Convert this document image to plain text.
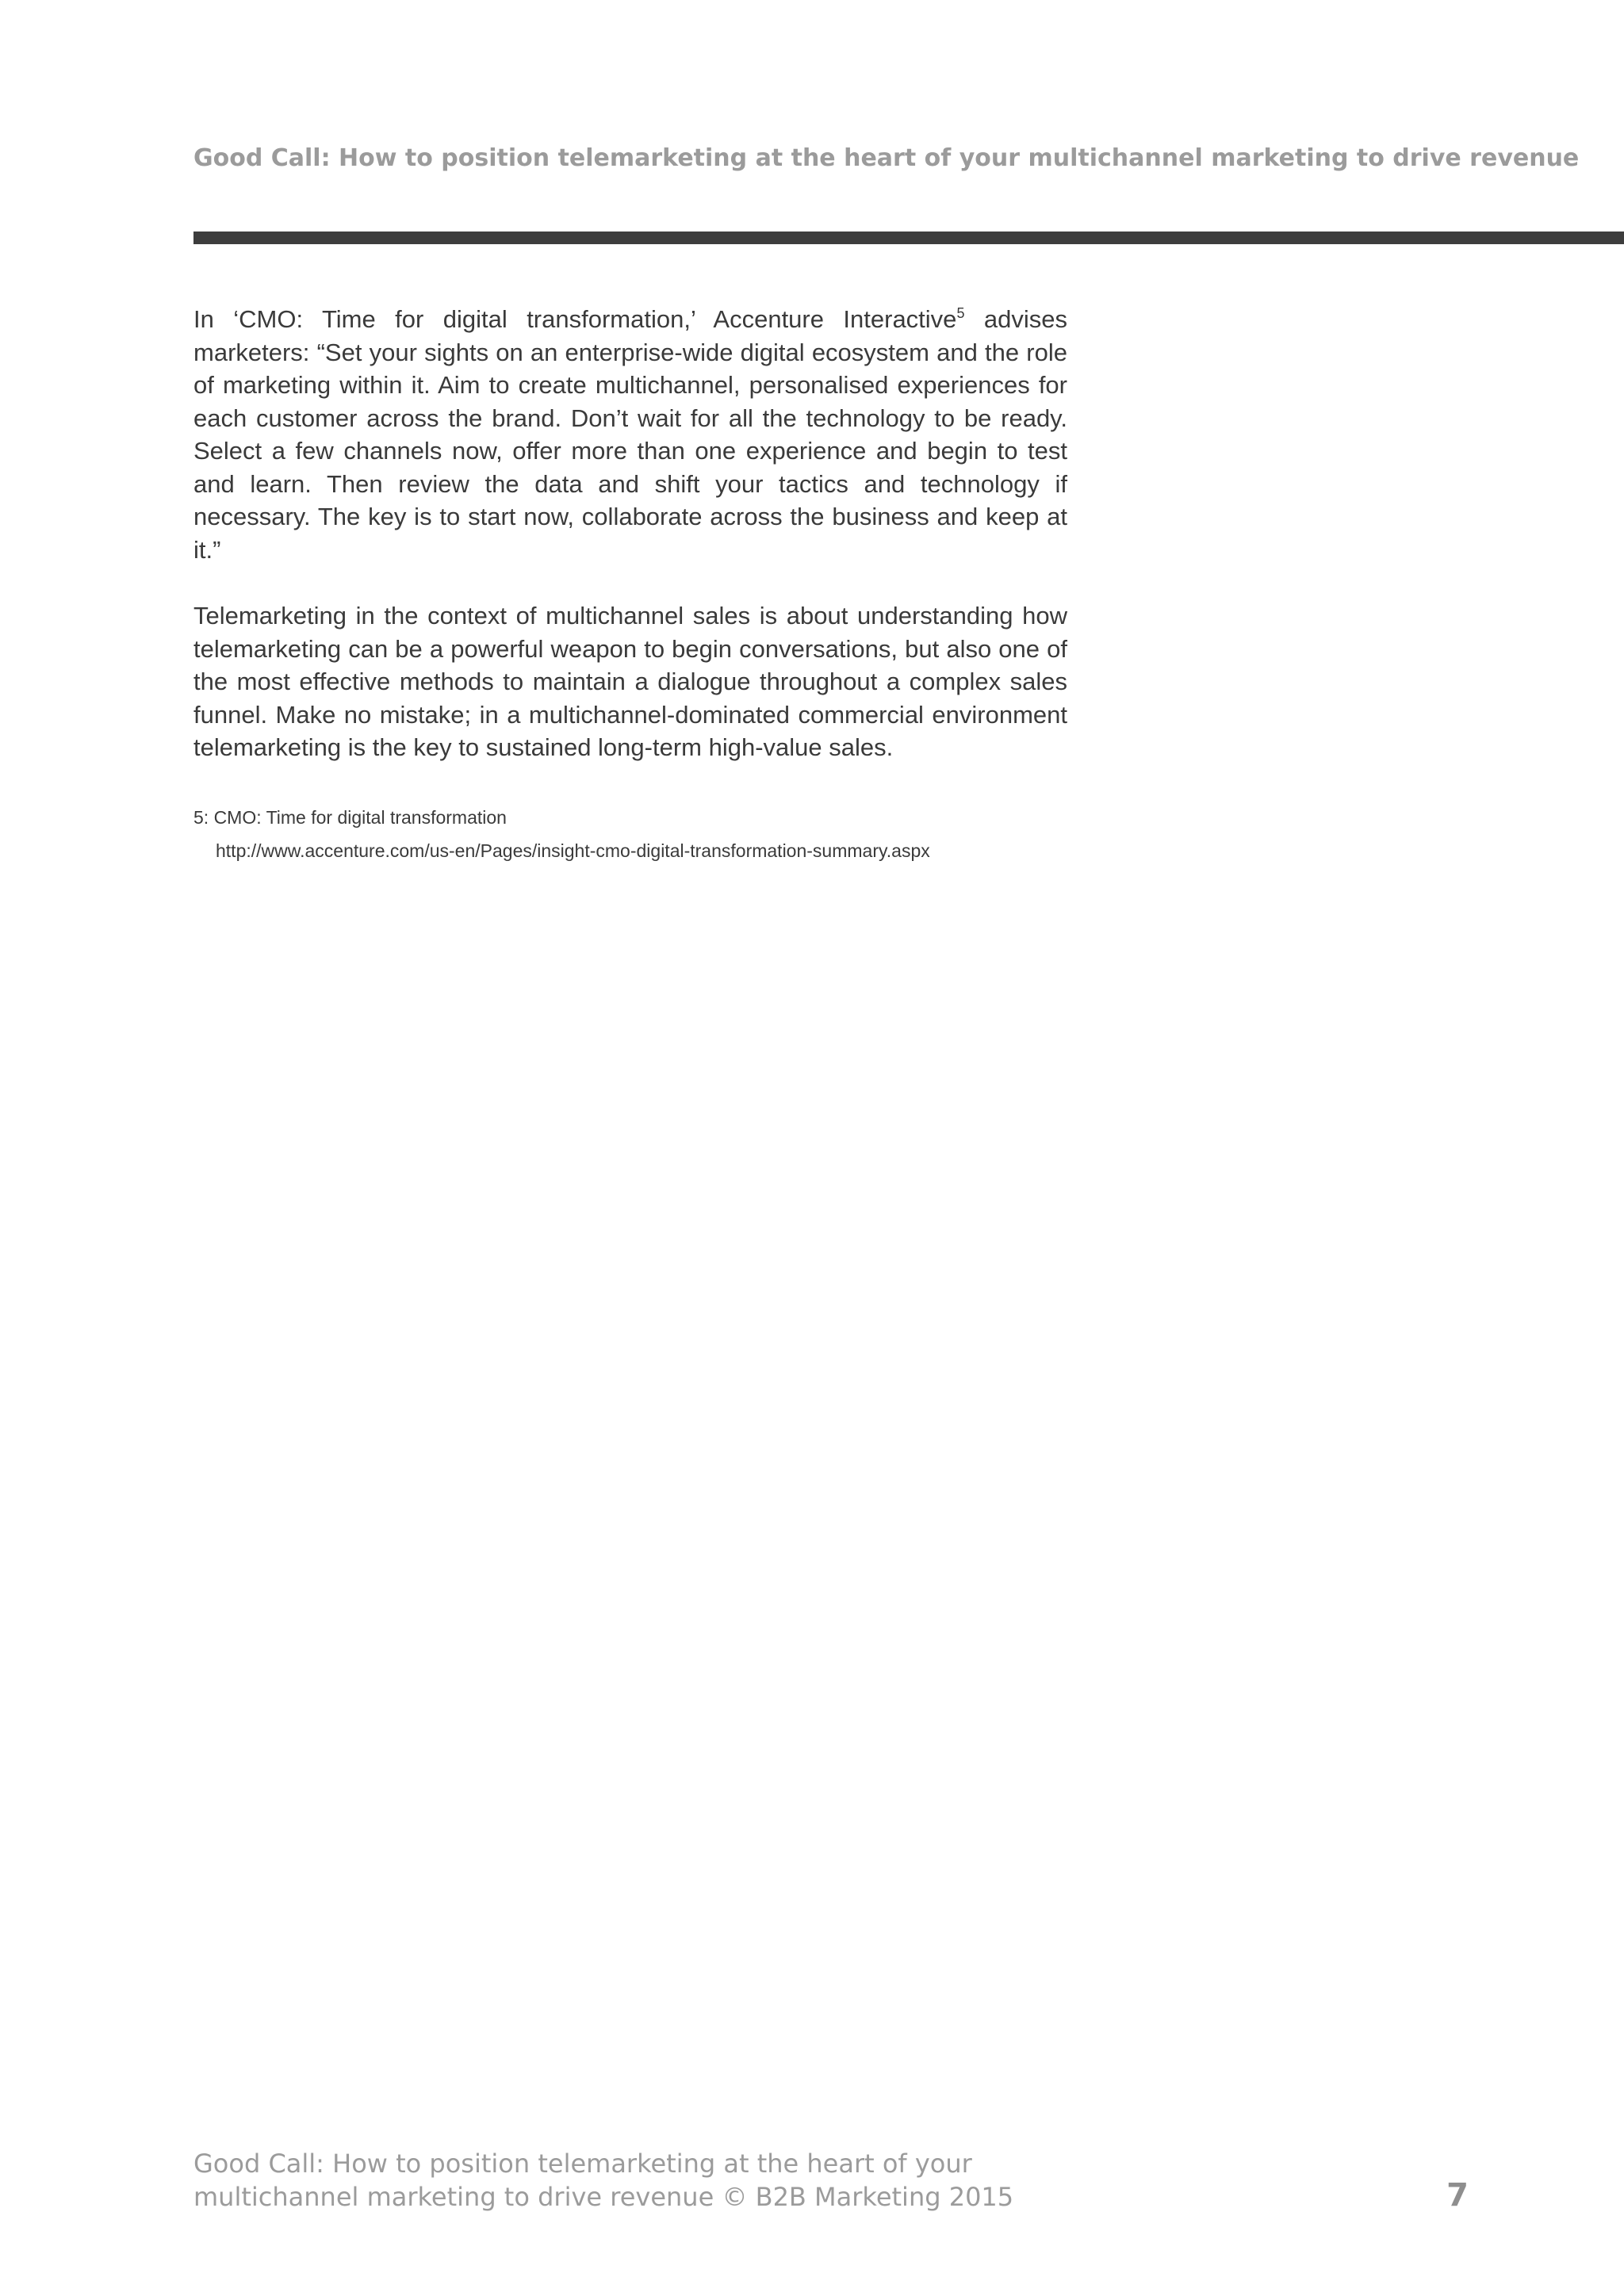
Good Call: How to position telemarketing at the heart of your multichannel marketing to drive revenue

In ‘CMO: Time for digital transformation,’ Accenture Interactive$^5$ advises marketers: “Set your sights on an enterprise-wide digital ecosystem and the role of marketing within it. Aim to create multichannel, personalised experiences for each customer across the brand. Don’t wait for all the technology to be ready. Select a few channels now, offer more than one experience and begin to test and learn. Then review the data and shift your tactics and technology if necessary. The key is to start now, collaborate across the business and keep at it.”

Telemarketing in the context of multichannel sales is about understanding how telemarketing can be a powerful weapon to begin conversations, but also one of the most effective methods to maintain a dialogue throughout a complex sales funnel. Make no mistake; in a multichannel-dominated commercial environment telemarketing is the key to sustained long-term high-value sales.

5: CMO: Time for digital transformation
http://www.accenture.com/us-en/Pages/insight-cmo-digital-transformation-summary.aspx
Good Call: How to position telemarketing at the heart of your
multichannel marketing to drive revenue © B2B Marketing 2015	7
